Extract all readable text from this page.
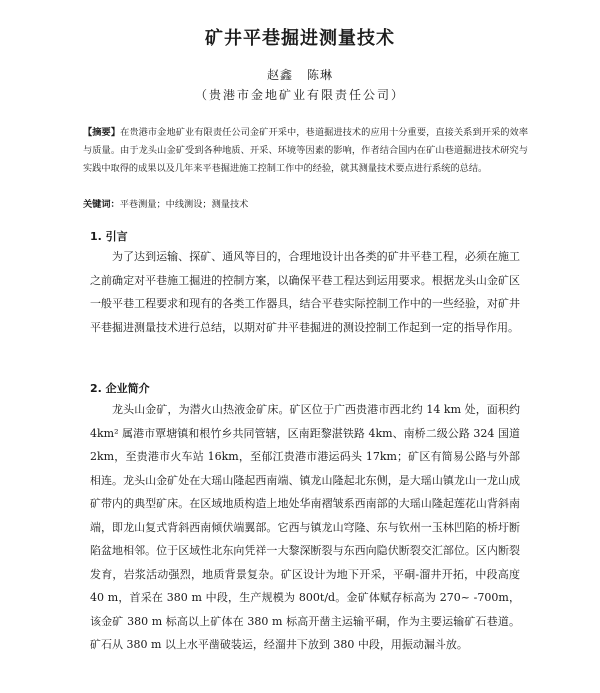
矿井平巷掘进测量技术
赵鑫 陈琳
（贵港市金地矿业有限责任公司）
【摘要】在贵港市金地矿业有限责任公司金矿开采中，巷道掘进技术的应用十分重要，直接关系到开采的效率与质量。由于龙头山金矿受到各种地质、开采、环境等因素的影响，作者结合国内在矿山巷道掘进技术研究与实践中取得的成果以及几年来平巷掘进施工控制工作中的经验，就其测量技术要点进行系统的总结。
关键词：平巷测量；中线测设；测量技术
1. 引言
为了达到运输、探矿、通风等目的，合理地设计出各类的矿井平巷工程，必须在施工之前确定对平巷施工掘进的控制方案，以确保平巷工程达到运用要求。根据龙头山金矿区一般平巷工程要求和现有的各类工作器具，结合平巷实际控制工作中的一些经验，对矿井平巷掘进测量技术进行总结，以期对矿井平巷掘进的测设控制工作起到一定的指导作用。
2. 企业简介
龙头山金矿，为潜火山热液金矿床。矿区位于广西贵港市西北约 14 km 处，面积约 4km² 属港市覃塘镇和根竹乡共同管辖，区南距黎湛铁路 4km、南桥二级公路 324 国道 2km，至贵港市火车站 16km，至郁江贵港市港运码头 17km；矿区有简易公路与外部相连。龙头山金矿处在大瑶山隆起西南端、镇龙山隆起北东侧，是大瑶山镇龙山一龙山成矿带内的典型矿床。在区域地质构造上地处华南褶皱系西南部的大瑶山隆起莲花山背斜南端，即龙山复式背斜西南倾伏端翼部。它西与镇龙山穹隆、东与钦州一玉林凹陷的桥圩断陷盆地相邻。位于区域性北东向凭祥一大黎深断裂与东西向隐伏断裂交汇部位。区内断裂发育，岩浆活动强烈，地质背景复杂。矿区设计为地下开采，平硐-溜井开拓，中段高度 40 m，首采在 380 m 中段，生产规模为 800t/d。金矿体赋存标高为 270~ -700m，该金矿 380 m 标高以上矿体在 380 m 标高开凿主运输平硐，作为主要运输矿石巷道。矿石从 380 m 以上水平凿破装运，经溜井下放到 380 中段，用振动漏斗放。
